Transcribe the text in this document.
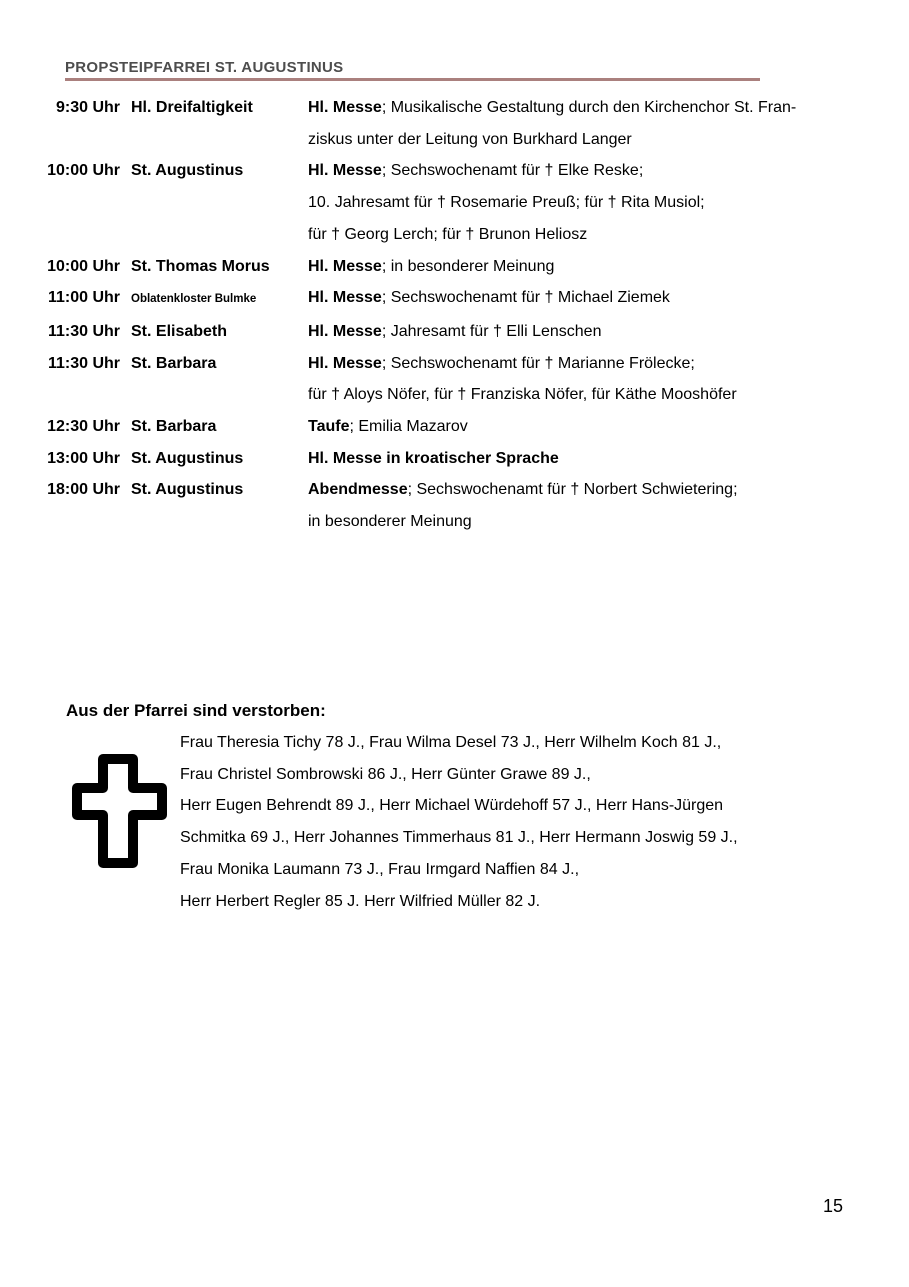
PROPSTEIPFARREI ST. AUGUSTINUS
9:30 Uhr Hl. Dreifaltigkeit	Hl. Messe; Musikalische Gestaltung durch den Kirchenchor St. Fran-
ziskus unter der Leitung von Burkhard Langer
10:00 Uhr St. Augustinus	Hl. Messe; Sechswochenamt für † Elke Reske;
10. Jahresamt für † Rosemarie Preuß; für † Rita Musiol;
für † Georg Lerch; für † Brunon Heliosz
10:00 Uhr St. Thomas Morus	Hl. Messe; in besonderer Meinung
11:00 Uhr Oblatenkloster Bulmke	Hl. Messe; Sechswochenamt für † Michael Ziemek
11:30 Uhr St. Elisabeth	Hl. Messe; Jahresamt für † Elli Lenschen
11:30 Uhr St. Barbara	Hl. Messe; Sechswochenamt für † Marianne Frölecke;
für † Aloys Nöfer, für † Franziska Nöfer, für Käthe Mooshöfer
12:30 Uhr St. Barbara	Taufe; Emilia Mazarov
13:00 Uhr St. Augustinus	Hl. Messe in kroatischer Sprache
18:00 Uhr St. Augustinus	Abendmesse; Sechswochenamt für † Norbert Schwietering;
in besonderer Meinung
Aus der Pfarrei sind verstorben:
Frau Theresia Tichy 78 J., Frau Wilma Desel 73 J., Herr Wilhelm Koch 81 J.,
Frau Christel Sombrowski 86 J., Herr Günter Grawe 89 J.,
Herr Eugen Behrendt 89 J., Herr Michael Würdehoff 57 J., Herr Hans-Jürgen
Schmitka 69 J., Herr Johannes Timmerhaus 81 J., Herr Hermann Joswig 59 J.,
Frau Monika Laumann 73 J., Frau Irmgard Naffien 84 J.,
Herr Herbert Regler 85 J. Herr Wilfried Müller 82 J.
15
